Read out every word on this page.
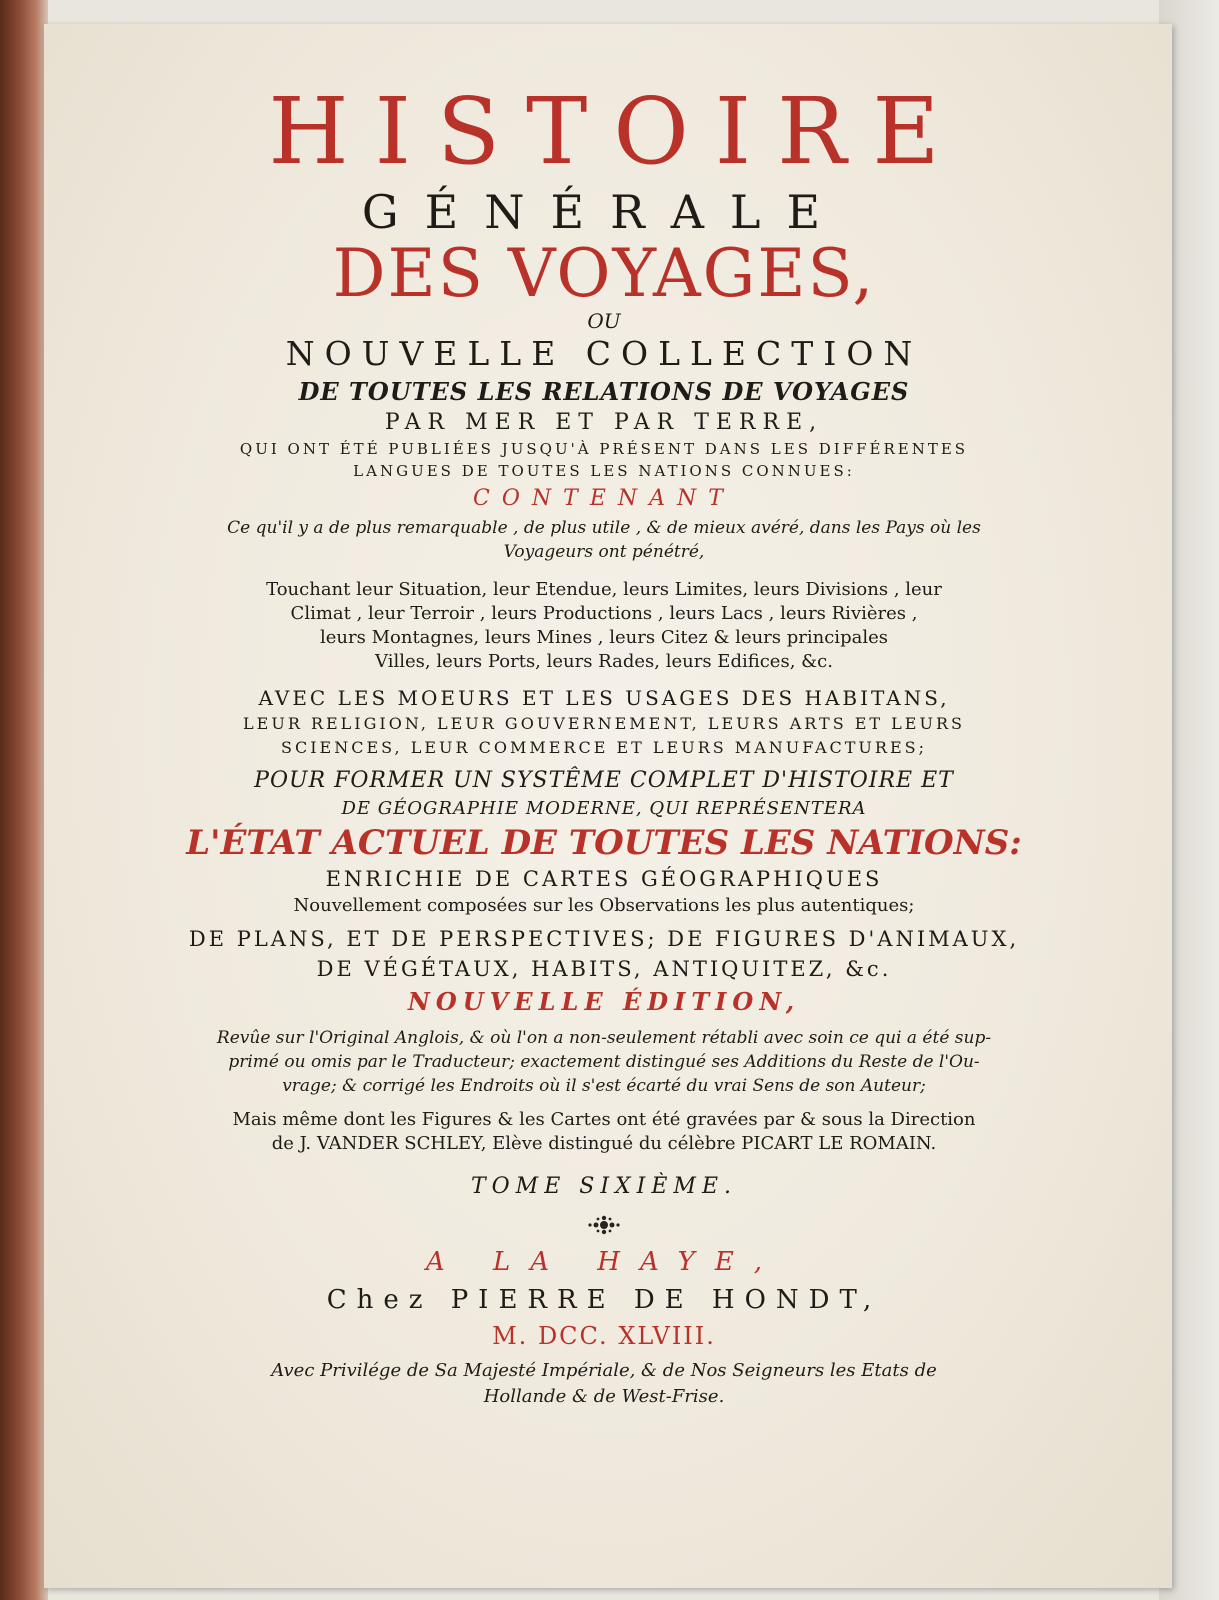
HISTOIRE
GÉNÉRALE
DES VOYAGES,
OU
NOUVELLE COLLECTION
DE TOUTES LES RELATIONS DE VOYAGES
PAR MER ET PAR TERRE,
QUI ONT ÉTÉ PUBLIÉES JUSQU'À PRÉSENT DANS LES DIFFÉRENTES
LANGUES DE TOUTES LES NATIONS CONNUES:
CONTENANT
Ce qu'il y a de plus remarquable , de plus utile , & de mieux avéré, dans les Pays où les
Voyageurs ont pénétré,
Touchant leur Situation, leur Etendue, leurs Limites, leurs Divisions , leur
Climat , leur Terroir , leurs Productions , leurs Lacs , leurs Rivières ,
leurs Montagnes, leurs Mines , leurs Citez & leurs principales
Villes, leurs Ports, leurs Rades, leurs Edifices, &c.
AVEC LES MOEURS ET LES USAGES DES HABITANS,
LEUR RELIGION, LEUR GOUVERNEMENT, LEURS ARTS ET LEURS
SCIENCES, LEUR COMMERCE ET LEURS MANUFACTURES;
POUR FORMER UN SYSTÊME COMPLET D'HISTOIRE ET
DE GÉOGRAPHIE MODERNE, QUI REPRÉSENTERA
L'ÉTAT ACTUEL DE TOUTES LES NATIONS:
ENRICHIE DE CARTES GÉOGRAPHIQUES
Nouvellement composées sur les Observations les plus autentiques;
DE PLANS, ET DE PERSPECTIVES; DE FIGURES D'ANIMAUX,
DE VÉGÉTAUX, HABITS, ANTIQUITEZ, &c.
NOUVELLE ÉDITION,
Revûe sur l'Original Anglois, & où l'on a non-seulement rétabli avec soin ce qui a été sup-
primé ou omis par le Traducteur; exactement distingué ses Additions du Reste de l'Ou-
vrage; & corrigé les Endroits où il s'est écarté du vrai Sens de son Auteur;
Mais même dont les Figures & les Cartes ont été gravées par & sous la Direction
de J. VANDER SCHLEY, Elève distingué du célèbre PICART LE ROMAIN.
TOME SIXIÈME.
A LA HAYE,
Chez PIERRE DE HONDT,
M. DCC. XLVIII.
Avec Privilége de Sa Majesté Impériale, & de Nos Seigneurs les Etats de
Hollande & de West-Frise.
